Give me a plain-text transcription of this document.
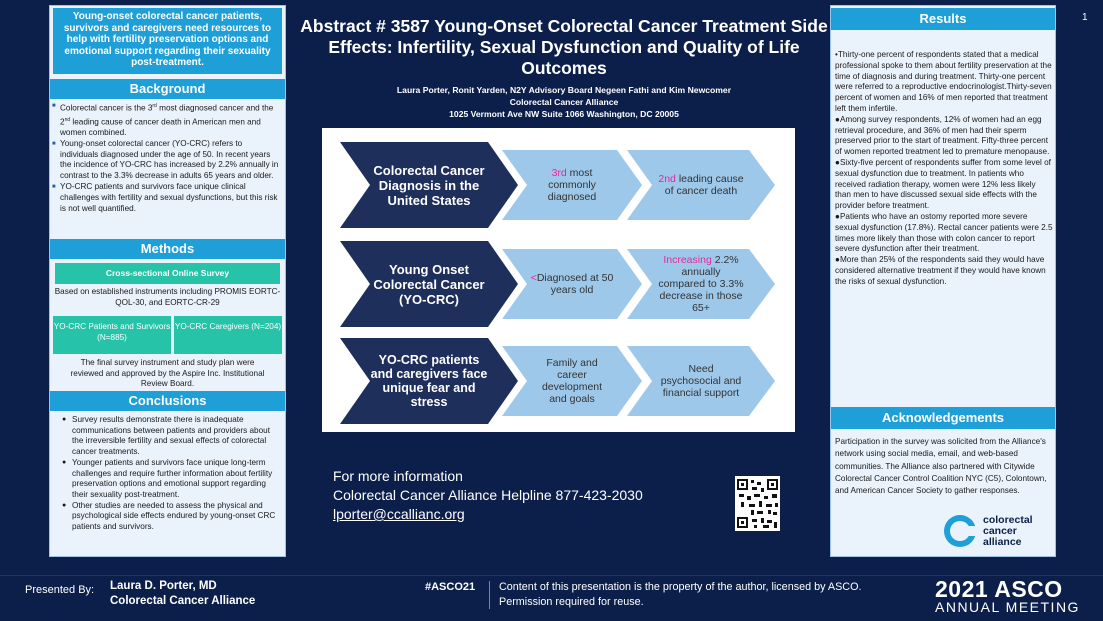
Young-onset colorectal cancer patients, survivors and caregivers need resources to help with fertility preservation options and emotional support regarding their sexuality post-treatment.
Background
■ Colorectal cancer is the 3rd most diagnosed cancer and the 2nd leading cause of cancer death in American men and women combined.
■ Young-onset colorectal cancer (YO-CRC) refers to individuals diagnosed under the age of 50. In recent years the incidence of YO-CRC has increased by 2.2% annually in contrast to the 3.3% decrease in adults 65 years and older.
■ YO-CRC patients and survivors face unique clinical challenges with fertility and sexual dysfunctions, but this risk is not well quantified.
Methods
Cross-sectional Online Survey
Based on established instruments including PROMIS EORTC-QOL-30, and EORTC-CR-29
YO-CRC Patients and Survivors (N=885)
YO-CRC Caregivers (N=204)
The final survey instrument and study plan were reviewed and approved by the Aspire Inc. Institutional Review Board.
Conclusions
● Survey results demonstrate there is inadequate communications between patients and providers about the irreversible fertility and sexual effects of colorectal cancer treatments.
● Younger patients and survivors face unique long-term challenges and require further information about fertility preservation options and emotional support regarding their sexuality post-treatment.
● Other studies are needed to assess the physical and psychological side effects endured by young-onset CRC patients and survivors.
Abstract # 3587 Young-Onset Colorectal Cancer Treatment Side Effects: Infertility, Sexual Dysfunction and Quality of Life Outcomes
Laura Porter, Ronit Yarden, N2Y Advisory Board Negeen Fathi and Kim Newcomer
Colorectal Cancer Alliance
1025 Vermont Ave NW Suite 1066 Washington, DC 20005
Colorectal Cancer Diagnosis in the United States
3rd most commonly diagnosed
2nd leading cause of cancer death
Young Onset Colorectal Cancer (YO-CRC)
<Diagnosed at 50 years old
Increasing 2.2% annually compared to 3.3% decrease in those 65+
YO-CRC patients and caregivers face unique fear and stress
Family and career development and goals
Need psychosocial and financial support
For more information
Colorectal Cancer Alliance Helpline 877-423-2030
lporter@ccallianc.org
Results

•Thirty-one percent of respondents stated that a medical professional spoke to them about fertility preservation at the time of diagnosis and during treatment. Thirty-one percent were referred to a reproductive endocrinologist.Thirty-seven percent of women and 16% of men reported that treatment left them infertile.

●Among survey respondents, 12% of women had an egg retrieval procedure, and 36% of men had their sperm preserved prior to the start of treatment. Fifty-three percent of women reported treatment led to premature menopause.

●Sixty-five percent of respondents suffer from some level of sexual dysfunction due to treatment. In patients who received radiation therapy, women were 12% less likely than men to have discussed sexual side effects with the provider before treatment.

●Patients who have an ostomy reported more severe sexual dysfunction (17.8%). Rectal cancer patients were 2.5 times more likely than those with colon cancer to report severe dysfunction after their treatment.

●More than 25% of the respondents said they would have considered alternative treatment if they would have known the risks of sexual dysfunction.

Acknowledgements
Participation in the survey was solicited from the Alliance's network using social media, email, and web-based communities. The Alliance also partnered with Citywide Colorectal Cancer Control Coalition NYC (C5), Colontown, and American Cancer Society to gather responses.
colorectal
cancer
alliance
1
Presented By: Laura D. Porter, MD
Colorectal Cancer Alliance
#ASCO21 Content of this presentation is the property of the author, licensed by ASCO.
Permission required for reuse.	2021 ASCO
ANNUAL MEETING
